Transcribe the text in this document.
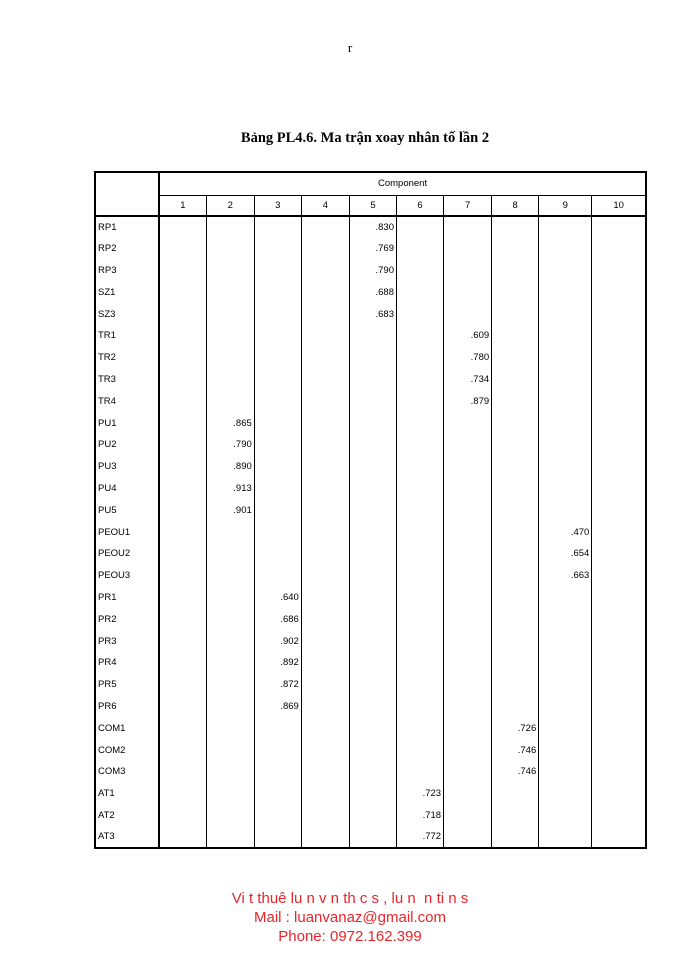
r
Bảng PL4.6. Ma trận xoay nhân tố lần 2
	Component									
	1	2	3	4	5	6	7	8	9	10
RP1					.830					
RP2					.769					
RP3					.790					
SZ1					.688					
SZ3					.683					
TR1							.609			
TR2							.780			
TR3							.734			
TR4							.879			
PU1		.865								
PU2		.790								
PU3		.890								
PU4		.913								
PU5		.901								
PEOU1									.470	
PEOU2									.654	
PEOU3									.663	
PR1			.640							
PR2			.686							
PR3			.902							
PR4			.892							
PR5			.872							
PR6			.869							
COM1								.726		
COM2								.746		
COM3								.746		
AT1						.723				
AT2						.718				
AT3						.772				
Vi t thuê lu n v n th c s , lu n  n ti n s
Mail : luanvanaz@gmail.com
Phone: 0972.162.399
